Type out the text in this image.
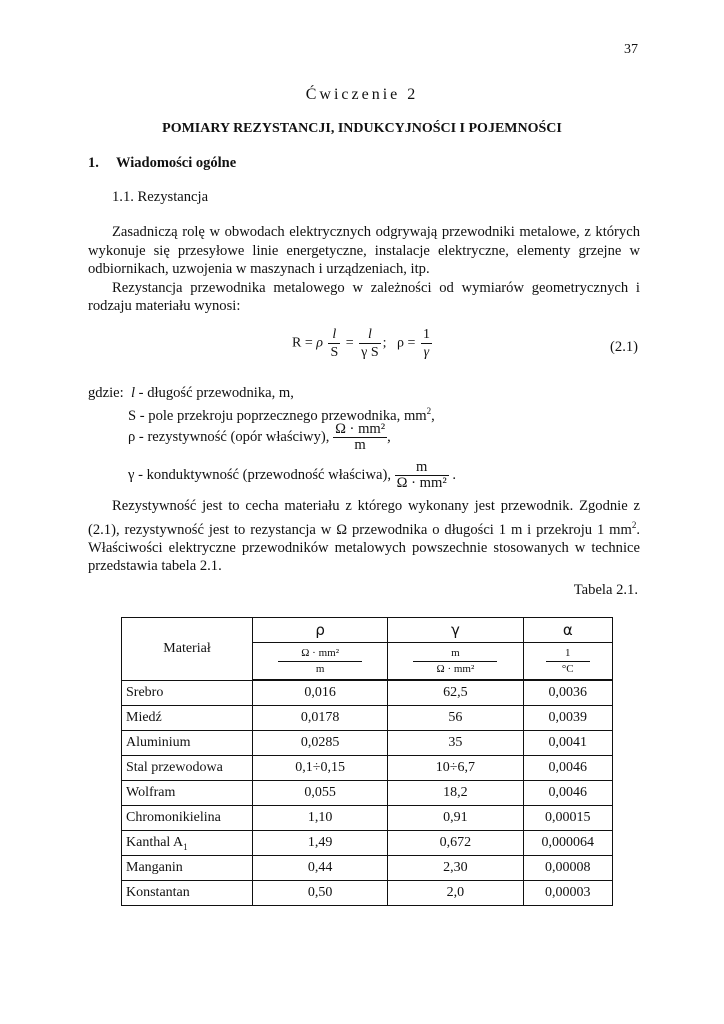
37
Ćwiczenie 2
POMIARY REZYSTANCJI, INDUKCYJNOŚCI I POJEMNOŚCI
1. Wiadomości ogólne
1.1. Rezystancja

Zasadniczą rolę w obwodach elektrycznych odgrywają przewodniki metalowe, z których wykonuje się przesyłowe linie energetyczne, instalacje elektryczne, elementy grzejne w odbiornikach, uzwojenia w maszynach i urządzeniach, itp.

Rezystancja przewodnika metalowego w zależności od wymiarów geometrycznych i rodzaju materiału wynosi:

R = ρ $\frac{l}{S} = \frac{l}{\text{γ S}}$ ; $\rho = \frac{1}{\gamma}$	(2.1)
gdzie: l - długość przewodnika, m,
S - pole przekroju poprzecznego przewodnika, $mm^2$,
ρ - rezystywność (opór właściwy), $\frac{\text{Ω · mm²}}{m}$ ,
γ - konduktywność (przewodność właściwa), $\frac{m}{\text{Ω · mm²}}$ .

Rezystywność jest to cecha materiału z którego wykonany jest przewodnik. Zgodnie z (2.1), rezystywność jest to rezystancja w Ω przewodnika o długości 1 m i przekroju 1 $mm^2$. Właściwości elektryczne przewodników metalowych powszechnie stosowanych w technice przedstawia tabela 2.1.

Tabela 2.1.
Materiał	ρ	γ	α

	$\frac{\text{Ω · mm²}}{m}$	$\frac{m}{\text{Ω · mm²}}$	$\frac{1}{^\circ C}$

Srebro	0,016	62,5	0,0036
Miedź	0,0178	56	0,0039
Aluminium	0,0285	35	0,0041
Stal przewodowa	0,1÷0,15	10÷6,7	0,0046
Wolfram	0,055	18,2	0,0046
Chromonikielina	1,10	0,91	0,00015
Kanthal $A_1$	1,49	0,672	0,000064
Manganin	0,44	2,30	0,00008
Konstantan	0,50	2,0	0,00003
